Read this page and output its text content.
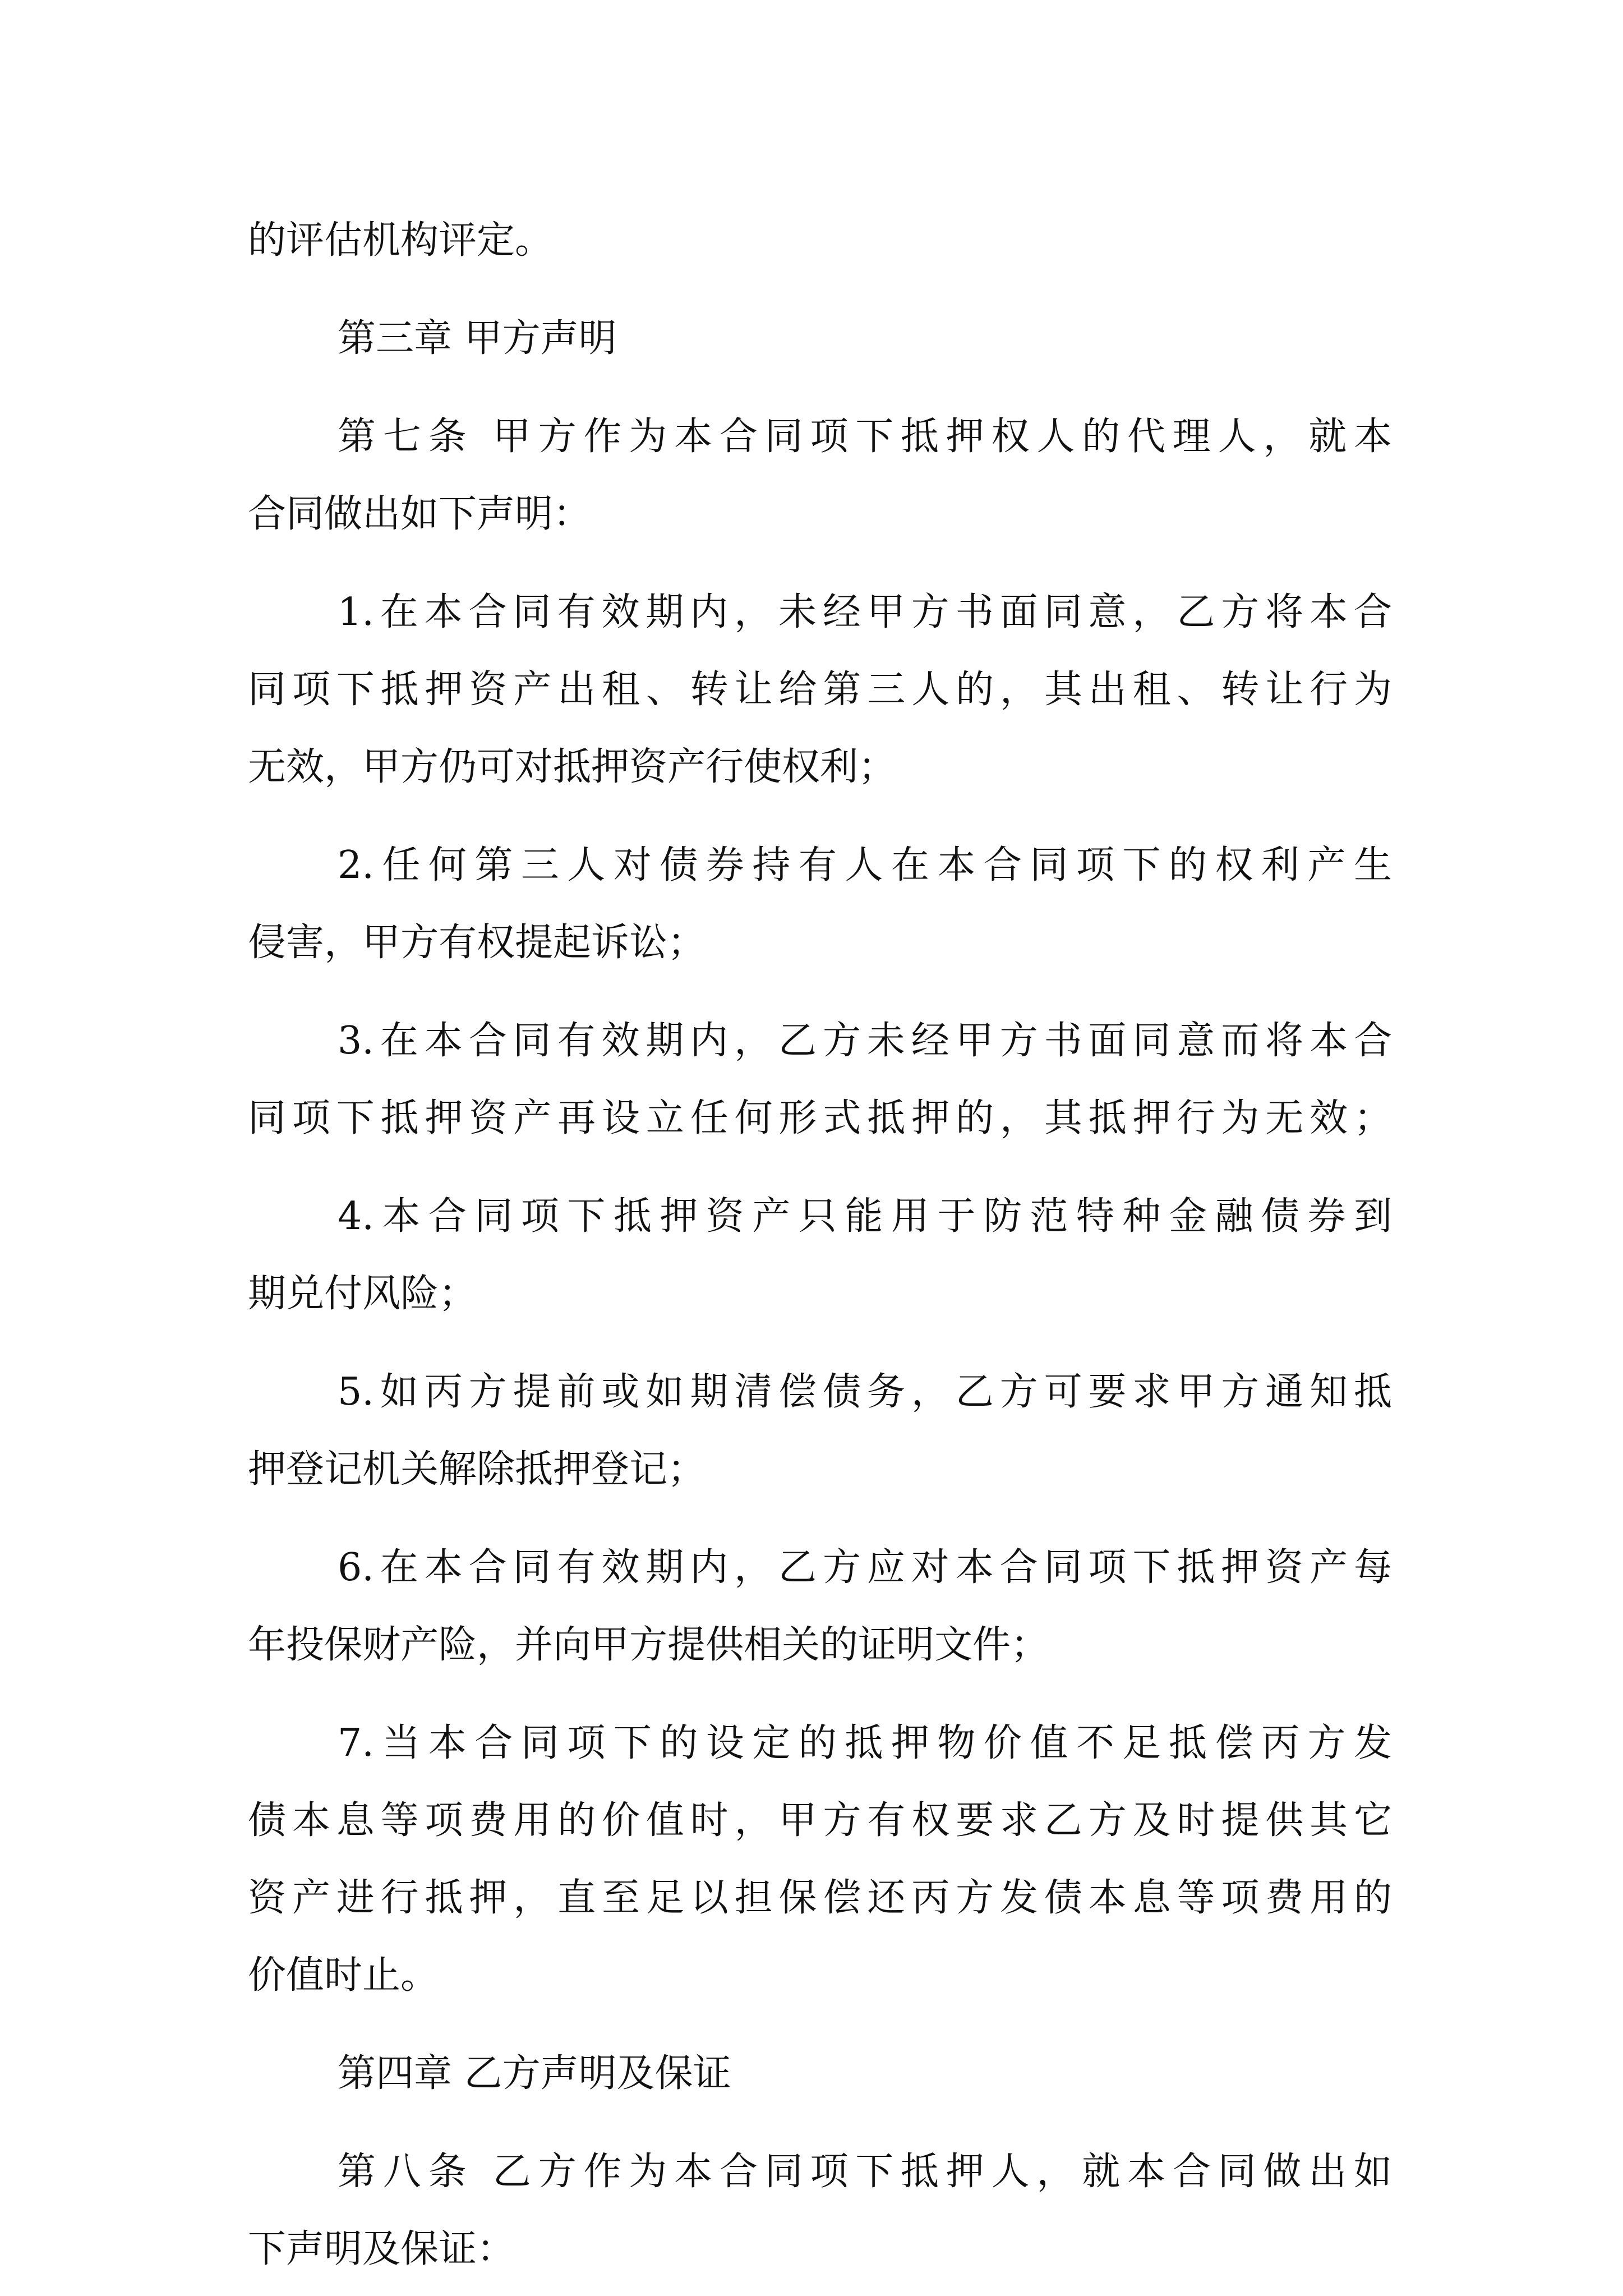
的评估机构评定。
第三章 甲方声明
第七条 甲方作为本合同项下抵押权人的代理人，就本
合同做出如下声明：
1.在本合同有效期内，未经甲方书面同意，乙方将本合
同项下抵押资产出租、转让给第三人的，其出租、转让行为
无效，甲方仍可对抵押资产行使权利；
2.任何第三人对债券持有人在本合同项下的权利产生
侵害，甲方有权提起诉讼；
3.在本合同有效期内，乙方未经甲方书面同意而将本合
同项下抵押资产再设立任何形式抵押的，其抵押行为无效；
4.本合同项下抵押资产只能用于防范特种金融债券到
期兑付风险；
5.如丙方提前或如期清偿债务，乙方可要求甲方通知抵
押登记机关解除抵押登记；
6.在本合同有效期内，乙方应对本合同项下抵押资产每
年投保财产险，并向甲方提供相关的证明文件；
7.当本合同项下的设定的抵押物价值不足抵偿丙方发
债本息等项费用的价值时，甲方有权要求乙方及时提供其它
资产进行抵押，直至足以担保偿还丙方发债本息等项费用的
价值时止。
第四章 乙方声明及保证
第八条 乙方作为本合同项下抵押人，就本合同做出如
下声明及保证：
